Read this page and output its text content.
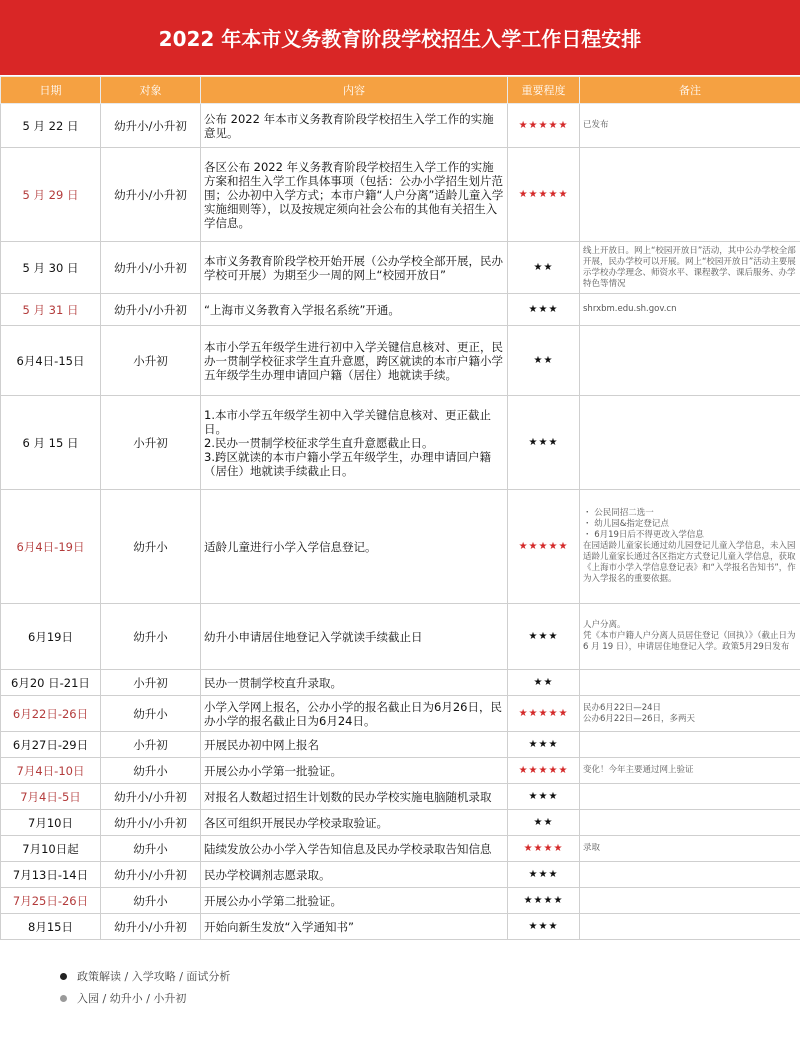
2022 年本市义务教育阶段学校招生入学工作日程安排
日期	对象	内容	重要程度	备注
5 月 22 日	幼升小/小升初	公布 2022 年本市义务教育阶段学校招生入学工作的实施意见。	★★★★★	已发布

5 月 29 日	幼升小/小升初	各区公布 2022 年义务教育阶段学校招生入学工作的实施方案和招生入学工作具体事项（包括：公办小学招生划片范围；公办初中入学方式；本市户籍“人户分离”适龄儿童入学实施细则等），以及按规定须向社会公布的其他有关招生入学信息。	★★★★★	
5 月 30 日	幼升小/小升初	本市义务教育阶段学校开始开展（公办学校全部开展，民办学校可开展）为期至少一周的网上“校园开放日”	★★	线上开放日。网上“校园开放日”活动，其中公办学校全部开展，民办学校可以开展。网上“校园开放日”活动主要展示学校办学理念、师资水平、课程教学、课后服务、办学特色等情况

5 月 31 日	幼升小/小升初	“上海市义务教育入学报名系统”开通。	★★★	shrxbm.edu.sh.gov.cn

6月4日-15日	小升初	本市小学五年级学生进行初中入学关键信息核对、更正，民办一贯制学校征求学生直升意愿，跨区就读的本市户籍小学五年级学生办理申请回户籍（居住）地就读手续。	★★	
6 月 15 日	小升初	1.本市小学五年级学生初中入学关键信息核对、更正截止日。
2.民办一贯制学校征求学生直升意愿截止日。
3.跨区就读的本市户籍小学五年级学生，办理申请回户籍（居住）地就读手续截止日。	★★★	
6月4日-19日	幼升小	适龄儿童进行小学入学信息登记。	★★★★★	・ 公民同招二选一
・ 幼儿园&指定登记点
・ 6月19日后不得更改入学信息
在园适龄儿童家长通过幼儿园登记儿童入学信息，未入园适龄儿童家长通过各区指定方式登记儿童入学信息，获取《上海市小学入学信息登记表》和“入学报名告知书”，作为入学报名的重要依据。

6月19日	幼升小	幼升小申请居住地登记入学就读手续截止日	★★★	人户分离。
凭《本市户籍人户分离人员居住登记（回执）》（截止日为 6 月 19 日），申请居住地登记入学。政策5月29日发布

6月20 日-21日	小升初	民办一贯制学校直升录取。	★★	
6月22日-26日	幼升小	小学入学网上报名，公办小学的报名截止日为6月26日，民办小学的报名截止日为6月24日。	★★★★★	民办6月22日—24日
公办6月22日—26日，多两天

6月27日-29日	小升初	开展民办初中网上报名	★★★	
7月4日-10日	幼升小	开展公办小学第一批验证。	★★★★★	变化！今年主要通过网上验证

7月4日-5日	幼升小/小升初	对报名人数超过招生计划数的民办学校实施电脑随机录取	★★★	
7月10日	幼升小/小升初	各区可组织开展民办学校录取验证。	★★	
7月10日起	幼升小	陆续发放公办小学入学告知信息及民办学校录取告知信息	★★★★	录取

7月13日-14日	幼升小/小升初	民办学校调剂志愿录取。	★★★	
7月25日-26日	幼升小	开展公办小学第二批验证。	★★★★	
8月15日	幼升小/小升初	开始向新生发放“入学通知书”	★★★	
政策解读 / 入学攻略 / 面试分析
入园 / 幼升小 / 小升初
